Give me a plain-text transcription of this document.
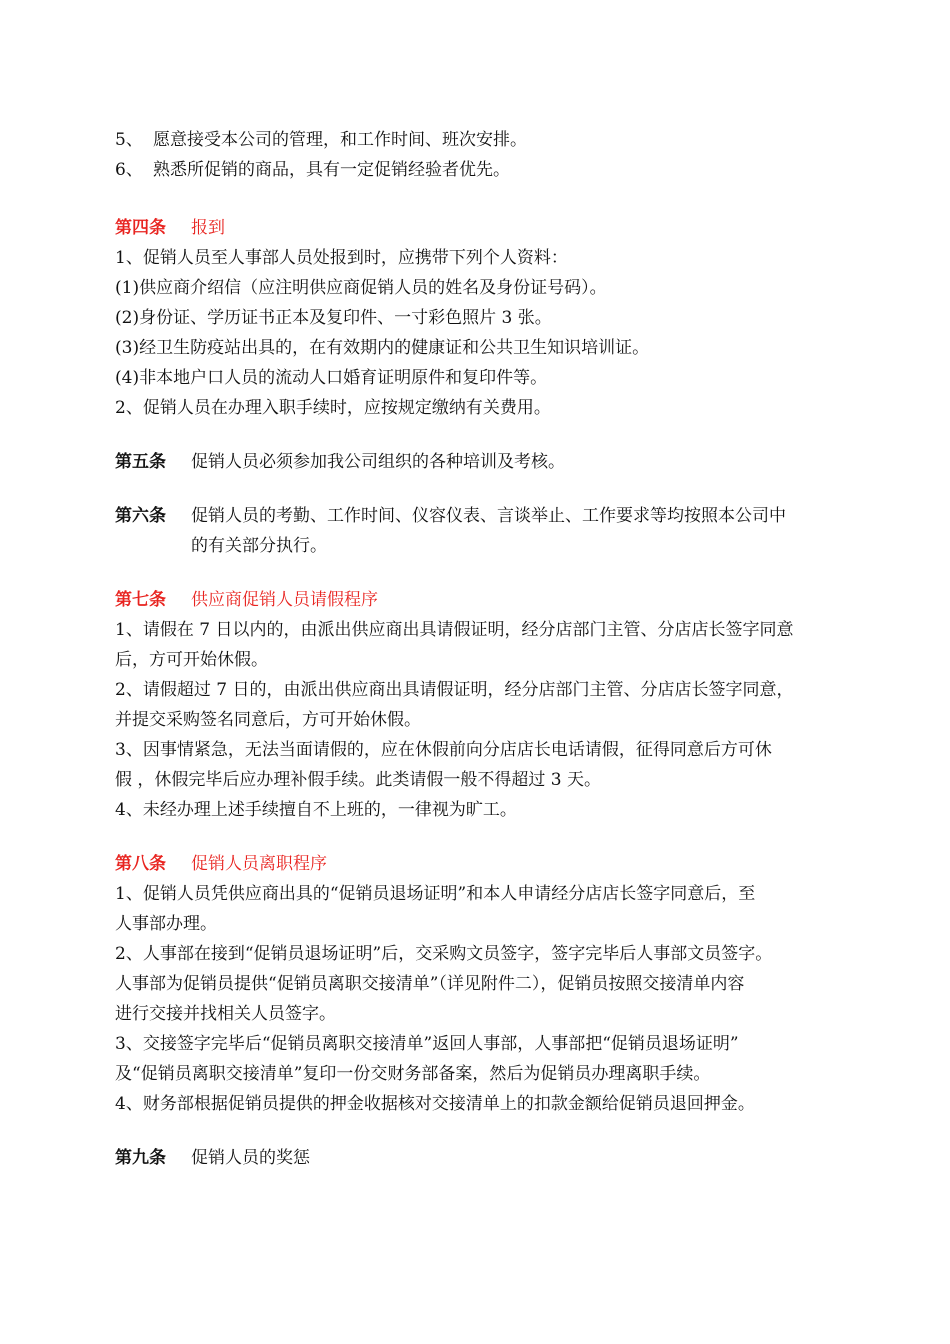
5、 愿意接受本公司的管理，和工作时间、班次安排。
6、 熟悉所促销的商品，具有一定促销经验者优先。
第四条 报到
1、促销人员至人事部人员处报到时，应携带下列个人资料：
(1)供应商介绍信（应注明供应商促销人员的姓名及身份证号码）。
(2)身份证、学历证书正本及复印件、一寸彩色照片 3 张。
(3)经卫生防疫站出具的，在有效期内的健康证和公共卫生知识培训证。
(4)非本地户口人员的流动人口婚育证明原件和复印件等。
2、促销人员在办理入职手续时，应按规定缴纳有关费用。
第五条 促销人员必须参加我公司组织的各种培训及考核。
第六条	促销人员的考勤、工作时间、仪容仪表、言谈举止、工作要求等均按照本公司中
的有关部分执行。
第七条 供应商促销人员请假程序
1、请假在 7 日以内的，由派出供应商出具请假证明，经分店部门主管、分店店长签字同意
后，方可开始休假。
2、请假超过 7 日的，由派出供应商出具请假证明，经分店部门主管、分店店长签字同意，
并提交采购签名同意后，方可开始休假。
3、因事情紧急，无法当面请假的，应在休假前向分店店长电话请假，征得同意后方可休
假 ，休假完毕后应办理补假手续。此类请假一般不得超过 3 天。
4、未经办理上述手续擅自不上班的，一律视为旷工。
第八条 促销人员离职程序
1、促销人员凭供应商出具的“促销员退场证明”和本人申请经分店店长签字同意后，至
人事部办理。
2、人事部在接到“促销员退场证明”后，交采购文员签字，签字完毕后人事部文员签字。
人事部为促销员提供“促销员离职交接清单”（详见附件二），促销员按照交接清单内容
进行交接并找相关人员签字。
3、交接签字完毕后“促销员离职交接清单”返回人事部，人事部把“促销员退场证明”
及“促销员离职交接清单”复印一份交财务部备案，然后为促销员办理离职手续。
4、财务部根据促销员提供的押金收据核对交接清单上的扣款金额给促销员退回押金。
第九条 促销人员的奖惩
